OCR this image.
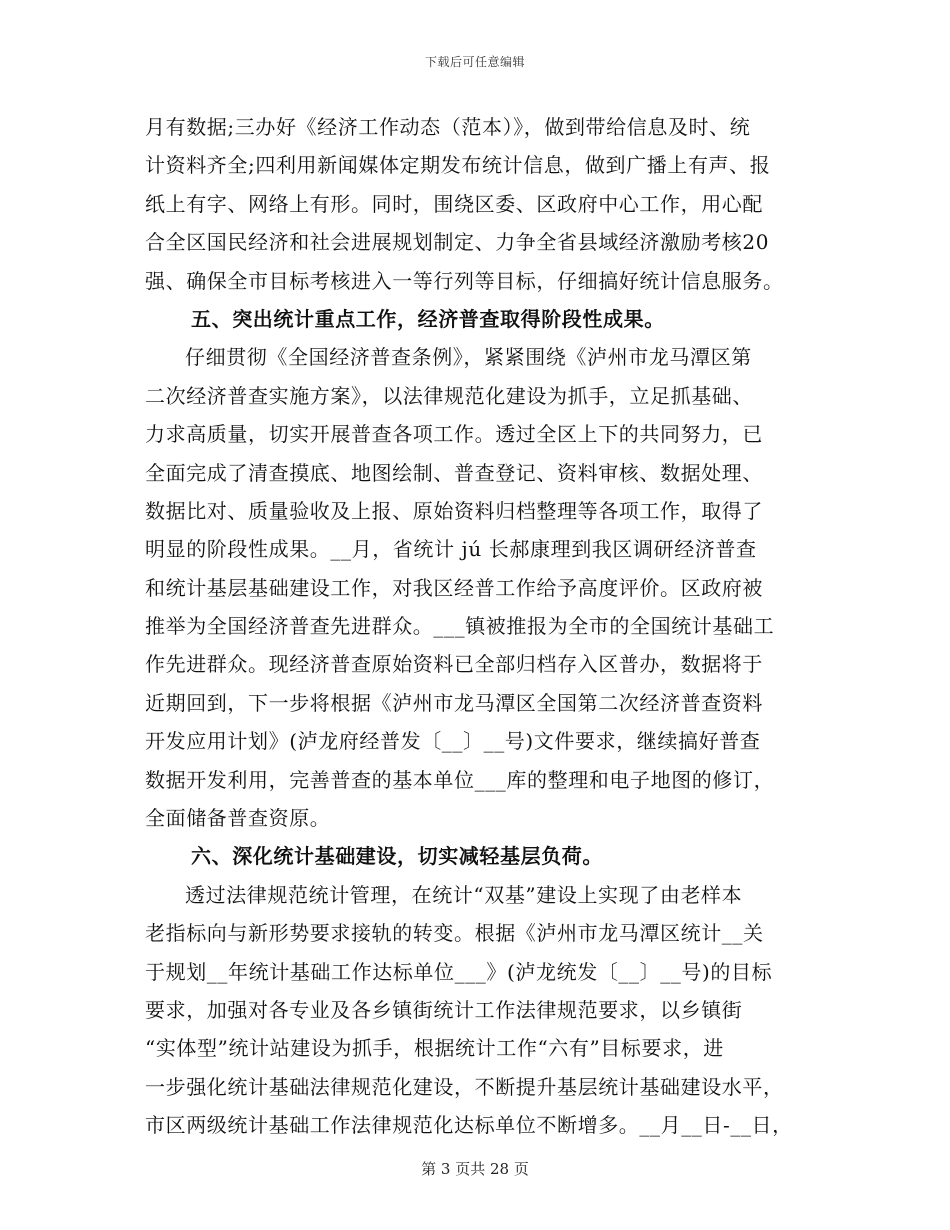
下载后可任意编辑
月有数据;三办好《经济工作动态（范本）》，做到带给信息及时、统
计资料齐全;四利用新闻媒体定期发布统计信息，做到广播上有声、报
纸上有字、网络上有形。同时，围绕区委、区政府中心工作，用心配
合全区国民经济和社会进展规划制定、力争全省县域经济激励考核20
强、确保全市目标考核进入一等行列等目标，仔细搞好统计信息服务。
五、突出统计重点工作，经济普查取得阶段性成果。
仔细贯彻《全国经济普查条例》，紧紧围绕《泸州市龙马潭区第
二次经济普查实施方案》，以法律规范化建设为抓手，立足抓基础、
力求高质量，切实开展普查各项工作。透过全区上下的共同努力，已
全面完成了清查摸底、地图绘制、普查登记、资料审核、数据处理、
数据比对、质量验收及上报、原始资料归档整理等各项工作，取得了
明显的阶段性成果。__月，省统计 jú 长郝康理到我区调研经济普查
和统计基层基础建设工作，对我区经普工作给予高度评价。区政府被
推举为全国经济普查先进群众。___镇被推报为全市的全国统计基础工
作先进群众。现经济普查原始资料已全部归档存入区普办，数据将于
近期回到，下一步将根据《泸州市龙马潭区全国第二次经济普查资料
开发应用计划》(泸龙府经普发〔__〕__号)文件要求，继续搞好普查
数据开发利用，完善普查的基本单位___库的整理和电子地图的修订，
全面储备普查资原。
六、深化统计基础建设，切实减轻基层负荷。
透过法律规范统计管理，在统计“双基”建设上实现了由老样本
老指标向与新形势要求接轨的转变。根据《泸州市龙马潭区统计__关
于规划__年统计基础工作达标单位___》(泸龙统发〔__〕__号)的目标
要求，加强对各专业及各乡镇街统计工作法律规范要求，以乡镇街
“实体型”统计站建设为抓手，根据统计工作“六有”目标要求，进
一步强化统计基础法律规范化建设，不断提升基层统计基础建设水平，
市区两级统计基础工作法律规范化达标单位不断增多。__月__日-__日，
第 3 页共 28 页
